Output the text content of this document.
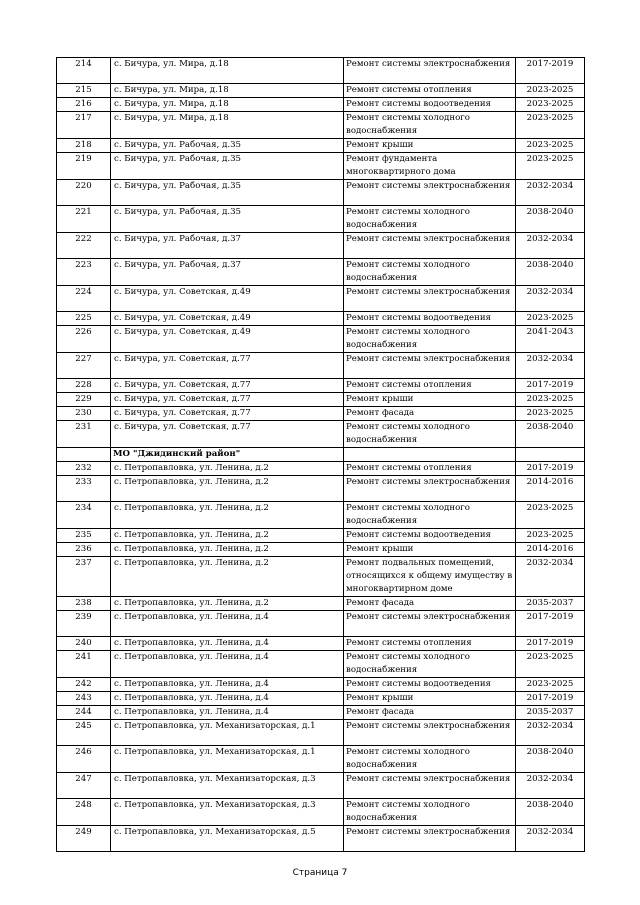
214	с. Бичура, ул. Мира, д.18	Ремонт системы электроснабжения	2017-2019
215	с. Бичура, ул. Мира, д.18	Ремонт системы отопления	2023-2025
216	с. Бичура, ул. Мира, д.18	Ремонт системы водоотведения	2023-2025
217	с. Бичура, ул. Мира, д.18	Ремонт системы холодного водоснабжения	2023-2025
218	с. Бичура, ул. Рабочая, д.35	Ремонт крыши	2023-2025
219	с. Бичура, ул. Рабочая, д.35	Ремонт фундамента многоквартирного дома	2023-2025
220	с. Бичура, ул. Рабочая, д.35	Ремонт системы электроснабжения	2032-2034
221	с. Бичура, ул. Рабочая, д.35	Ремонт системы холодного водоснабжения	2038-2040
222	с. Бичура, ул. Рабочая, д.37	Ремонт системы электроснабжения	2032-2034
223	с. Бичура, ул. Рабочая, д.37	Ремонт системы холодного водоснабжения	2038-2040
224	с. Бичура, ул. Советская, д.49	Ремонт системы электроснабжения	2032-2034
225	с. Бичура, ул. Советская, д.49	Ремонт системы водоотведения	2023-2025
226	с. Бичура, ул. Советская, д.49	Ремонт системы холодного водоснабжения	2041-2043
227	с. Бичура, ул. Советская, д.77	Ремонт системы электроснабжения	2032-2034
228	с. Бичура, ул. Советская, д.77	Ремонт системы отопления	2017-2019
229	с. Бичура, ул. Советская, д.77	Ремонт крыши	2023-2025
230	с. Бичура, ул. Советская, д.77	Ремонт фасада	2023-2025
231	с. Бичура, ул. Советская, д.77	Ремонт системы холодного водоснабжения	2038-2040
	МО "Джидинский район"		
232	с. Петропавловка, ул. Ленина, д.2	Ремонт системы отопления	2017-2019
233	с. Петропавловка, ул. Ленина, д.2	Ремонт системы электроснабжения	2014-2016
234	с. Петропавловка, ул. Ленина, д.2	Ремонт системы холодного водоснабжения	2023-2025
235	с. Петропавловка, ул. Ленина, д.2	Ремонт системы водоотведения	2023-2025
236	с. Петропавловка, ул. Ленина, д.2	Ремонт крыши	2014-2016
237	с. Петропавловка, ул. Ленина, д.2	Ремонт подвальных помещений, относящихся к общему имуществу в многоквартирном доме	2032-2034
238	с. Петропавловка, ул. Ленина, д.2	Ремонт фасада	2035-2037
239	с. Петропавловка, ул. Ленина, д.4	Ремонт системы электроснабжения	2017-2019
240	с. Петропавловка, ул. Ленина, д.4	Ремонт системы отопления	2017-2019
241	с. Петропавловка, ул. Ленина, д.4	Ремонт системы холодного водоснабжения	2023-2025
242	с. Петропавловка, ул. Ленина, д.4	Ремонт системы водоотведения	2023-2025
243	с. Петропавловка, ул. Ленина, д.4	Ремонт крыши	2017-2019
244	с. Петропавловка, ул. Ленина, д.4	Ремонт фасада	2035-2037
245	с. Петропавловка, ул. Механизаторская, д.1	Ремонт системы электроснабжения	2032-2034
246	с. Петропавловка, ул. Механизаторская, д.1	Ремонт системы холодного водоснабжения	2038-2040
247	с. Петропавловка, ул. Механизаторская, д.3	Ремонт системы электроснабжения	2032-2034
248	с. Петропавловка, ул. Механизаторская, д.3	Ремонт системы холодного водоснабжения	2038-2040
249	с. Петропавловка, ул. Механизаторская, д.5	Ремонт системы электроснабжения	2032-2034
Страница 7
